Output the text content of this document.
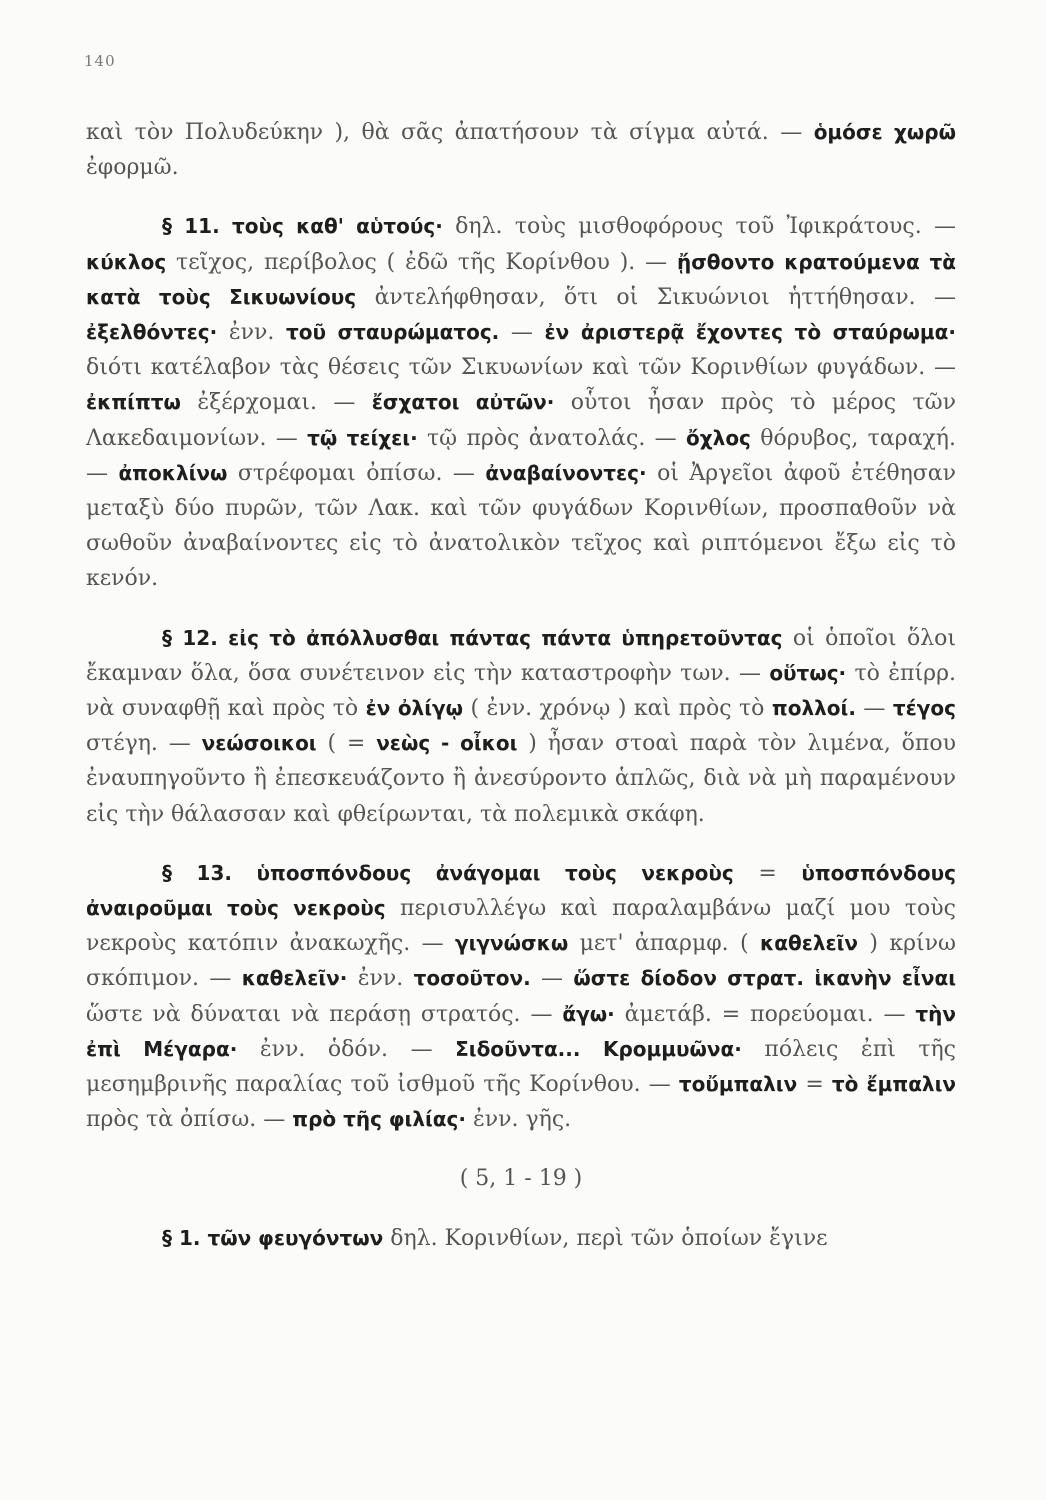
140

καὶ τὸν Πολυδεύκην ), θὰ σᾶς ἀπατήσουν τὰ σίγμα αὐτά. — ὁμόσε χωρῶ ἐφορμῶ.

§ 11. τοὺς καθ' αὑτούς· δηλ. τοὺς μισθοφόρους τοῦ Ἰφικράτους. — κύκλος τεῖχος, περίβολος ( ἐδῶ τῆς Κορίνθου ). — ᾔσθοντο κρατούμενα τὰ κατὰ τοὺς Σικυωνίους ἀντελήφθησαν, ὅτι οἱ Σικυώνιοι ἡττήθησαν. — ἐξελθόντες· ἐνν. τοῦ σταυρώματος. — ἐν ἀριστερᾷ ἔχοντες τὸ σταύρωμα· διότι κατέλαβον τὰς θέσεις τῶν Σικυωνίων καὶ τῶν Κορινθίων φυγάδων. — ἐκπίπτω ἐξέρχομαι. — ἔσχατοι αὐτῶν· οὗτοι ἦσαν πρὸς τὸ μέρος τῶν Λακεδαιμονίων. — τῷ τείχει· τῷ πρὸς ἀνατολάς. — ὄχλος θόρυβος, ταραχή. — ἀποκλίνω στρέφομαι ὀπίσω. — ἀναβαίνοντες· οἱ Ἀργεῖοι ἀφοῦ ἐτέθησαν μεταξὺ δύο πυρῶν, τῶν Λακ. καὶ τῶν φυγάδων Κορινθίων, προσπαθοῦν νὰ σωθοῦν ἀναβαίνοντες εἰς τὸ ἀνατολικὸν τεῖχος καὶ ριπτόμενοι ἔξω εἰς τὸ κενόν.

§ 12. εἰς τὸ ἀπόλλυσθαι πάντας πάντα ὑπηρετοῦντας οἱ ὁποῖοι ὅλοι ἔκαμναν ὅλα, ὅσα συνέτεινον εἰς τὴν καταστροφὴν των. — οὕτως· τὸ ἐπίρρ. νὰ συναφθῇ καὶ πρὸς τὸ ἐν ὀλίγῳ ( ἐνν. χρόνῳ ) καὶ πρὸς τὸ πολλοί. — τέγος στέγη. — νεώσοικοι ( = νεὼς - οἶκοι ) ἦσαν στοαὶ παρὰ τὸν λιμένα, ὅπου ἐναυπηγοῦντο ἢ ἐπεσκευάζοντο ἢ ἀνεσύροντο ἁπλῶς, διὰ νὰ μὴ παραμένουν εἰς τὴν θάλασσαν καὶ φθείρωνται, τὰ πολεμικὰ σκάφη.

§ 13. ὑποσπόνδους ἀνάγομαι τοὺς νεκροὺς = ὑποσπόνδους ἀναιροῦμαι τοὺς νεκροὺς περισυλλέγω καὶ παραλαμβάνω μαζί μου τοὺς νεκροὺς κατόπιν ἀνακωχῆς. — γιγνώσκω μετ' ἀπαρμφ. ( καθελεῖν ) κρίνω σκόπιμον. — καθελεῖν· ἐνν. τοσοῦτον. — ὥστε δίοδον στρατ. ἱκανὴν εἶναι ὥστε νὰ δύναται νὰ περάσῃ στρατός. — ἄγω· ἀμετάβ. = πορεύομαι. — τὴν ἐπὶ Μέγαρα· ἐνν. ὁδόν. — Σιδοῦντα... Κρομμυῶνα· πόλεις ἐπὶ τῆς μεσημβρινῆς παραλίας τοῦ ἰσθμοῦ τῆς Κορίνθου. — τοὔμπαλιν = τὸ ἔμπαλιν πρὸς τὰ ὀπίσω. — πρὸ τῆς φιλίας· ἐνν. γῆς.

( 5, 1 - 19 )

§ 1. τῶν φευγόντων δηλ. Κορινθίων, περὶ τῶν ὁποίων ἔγινε
